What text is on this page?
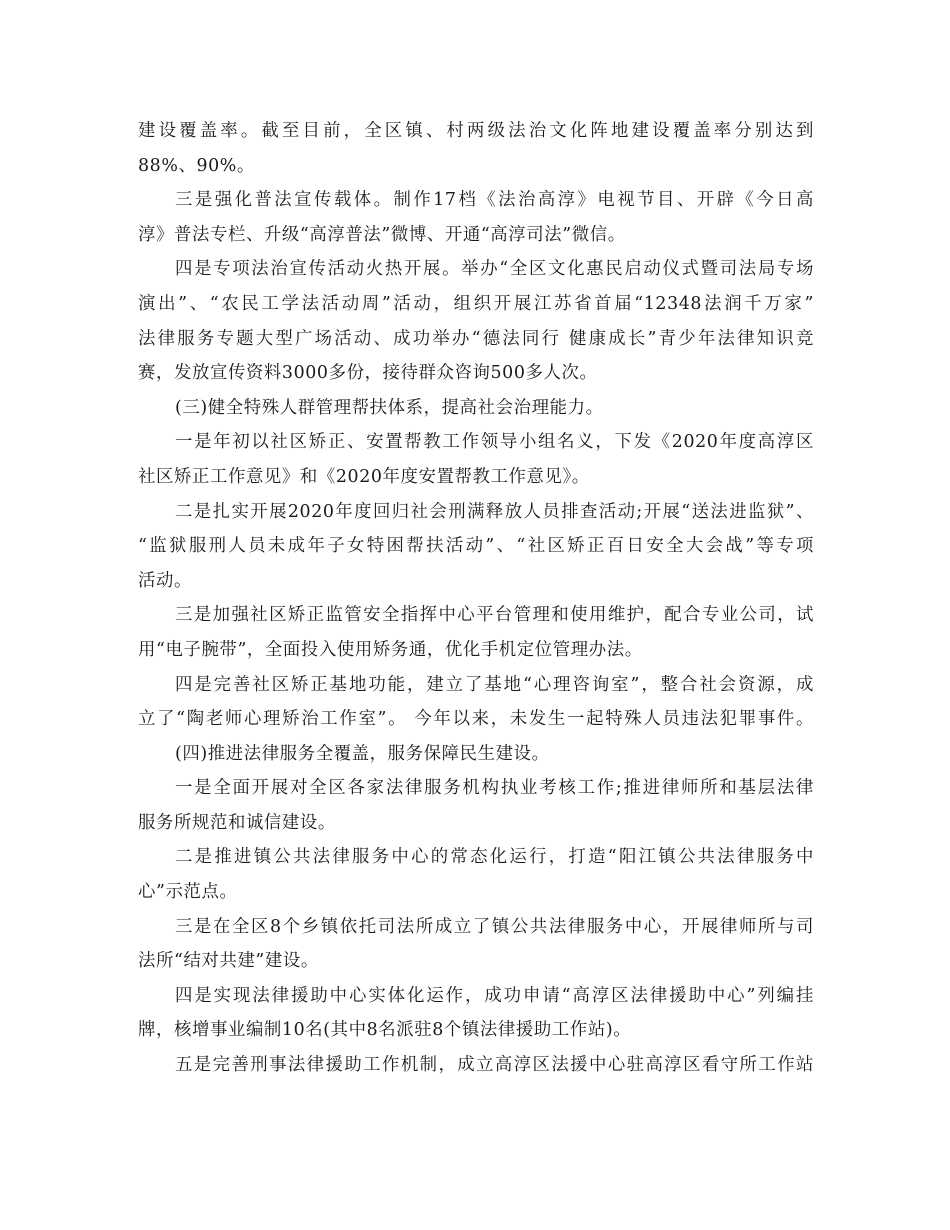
建设覆盖率。截至目前，全区镇、村两级法治文化阵地建设覆盖率分别达到
88%、90%。
三是强化普法宣传载体。制作17档《法治高淳》电视节目、开辟《今日高
淳》普法专栏、升级“高淳普法”微博、开通“高淳司法”微信。
四是专项法治宣传活动火热开展。举办“全区文化惠民启动仪式暨司法局专场
演出”、“农民工学法活动周”活动，组织开展江苏省首届“12348法润千万家”
法律服务专题大型广场活动、成功举办“德法同行 健康成长”青少年法律知识竞
赛，发放宣传资料3000多份，接待群众咨询500多人次。
(三)健全特殊人群管理帮扶体系，提高社会治理能力。
一是年初以社区矫正、安置帮教工作领导小组名义，下发《2020年度高淳区
社区矫正工作意见》和《2020年度安置帮教工作意见》。
二是扎实开展2020年度回归社会刑满释放人员排查活动;开展“送法进监狱”、
“监狱服刑人员未成年子女特困帮扶活动”、“社区矫正百日安全大会战”等专项
活动。
三是加强社区矫正监管安全指挥中心平台管理和使用维护，配合专业公司，试
用“电子腕带”，全面投入使用矫务通，优化手机定位管理办法。
四是完善社区矫正基地功能，建立了基地“心理咨询室”，整合社会资源，成
立了“陶老师心理矫治工作室”。 今年以来，未发生一起特殊人员违法犯罪事件。
(四)推进法律服务全覆盖，服务保障民生建设。
一是全面开展对全区各家法律服务机构执业考核工作;推进律师所和基层法律
服务所规范和诚信建设。
二是推进镇公共法律服务中心的常态化运行，打造“阳江镇公共法律服务中
心”示范点。
三是在全区8个乡镇依托司法所成立了镇公共法律服务中心，开展律师所与司
法所“结对共建”建设。
四是实现法律援助中心实体化运作，成功申请“高淳区法律援助中心”列编挂
牌，核增事业编制10名(其中8名派驻8个镇法律援助工作站)。
五是完善刑事法律援助工作机制，成立高淳区法援中心驻高淳区看守所工作站
